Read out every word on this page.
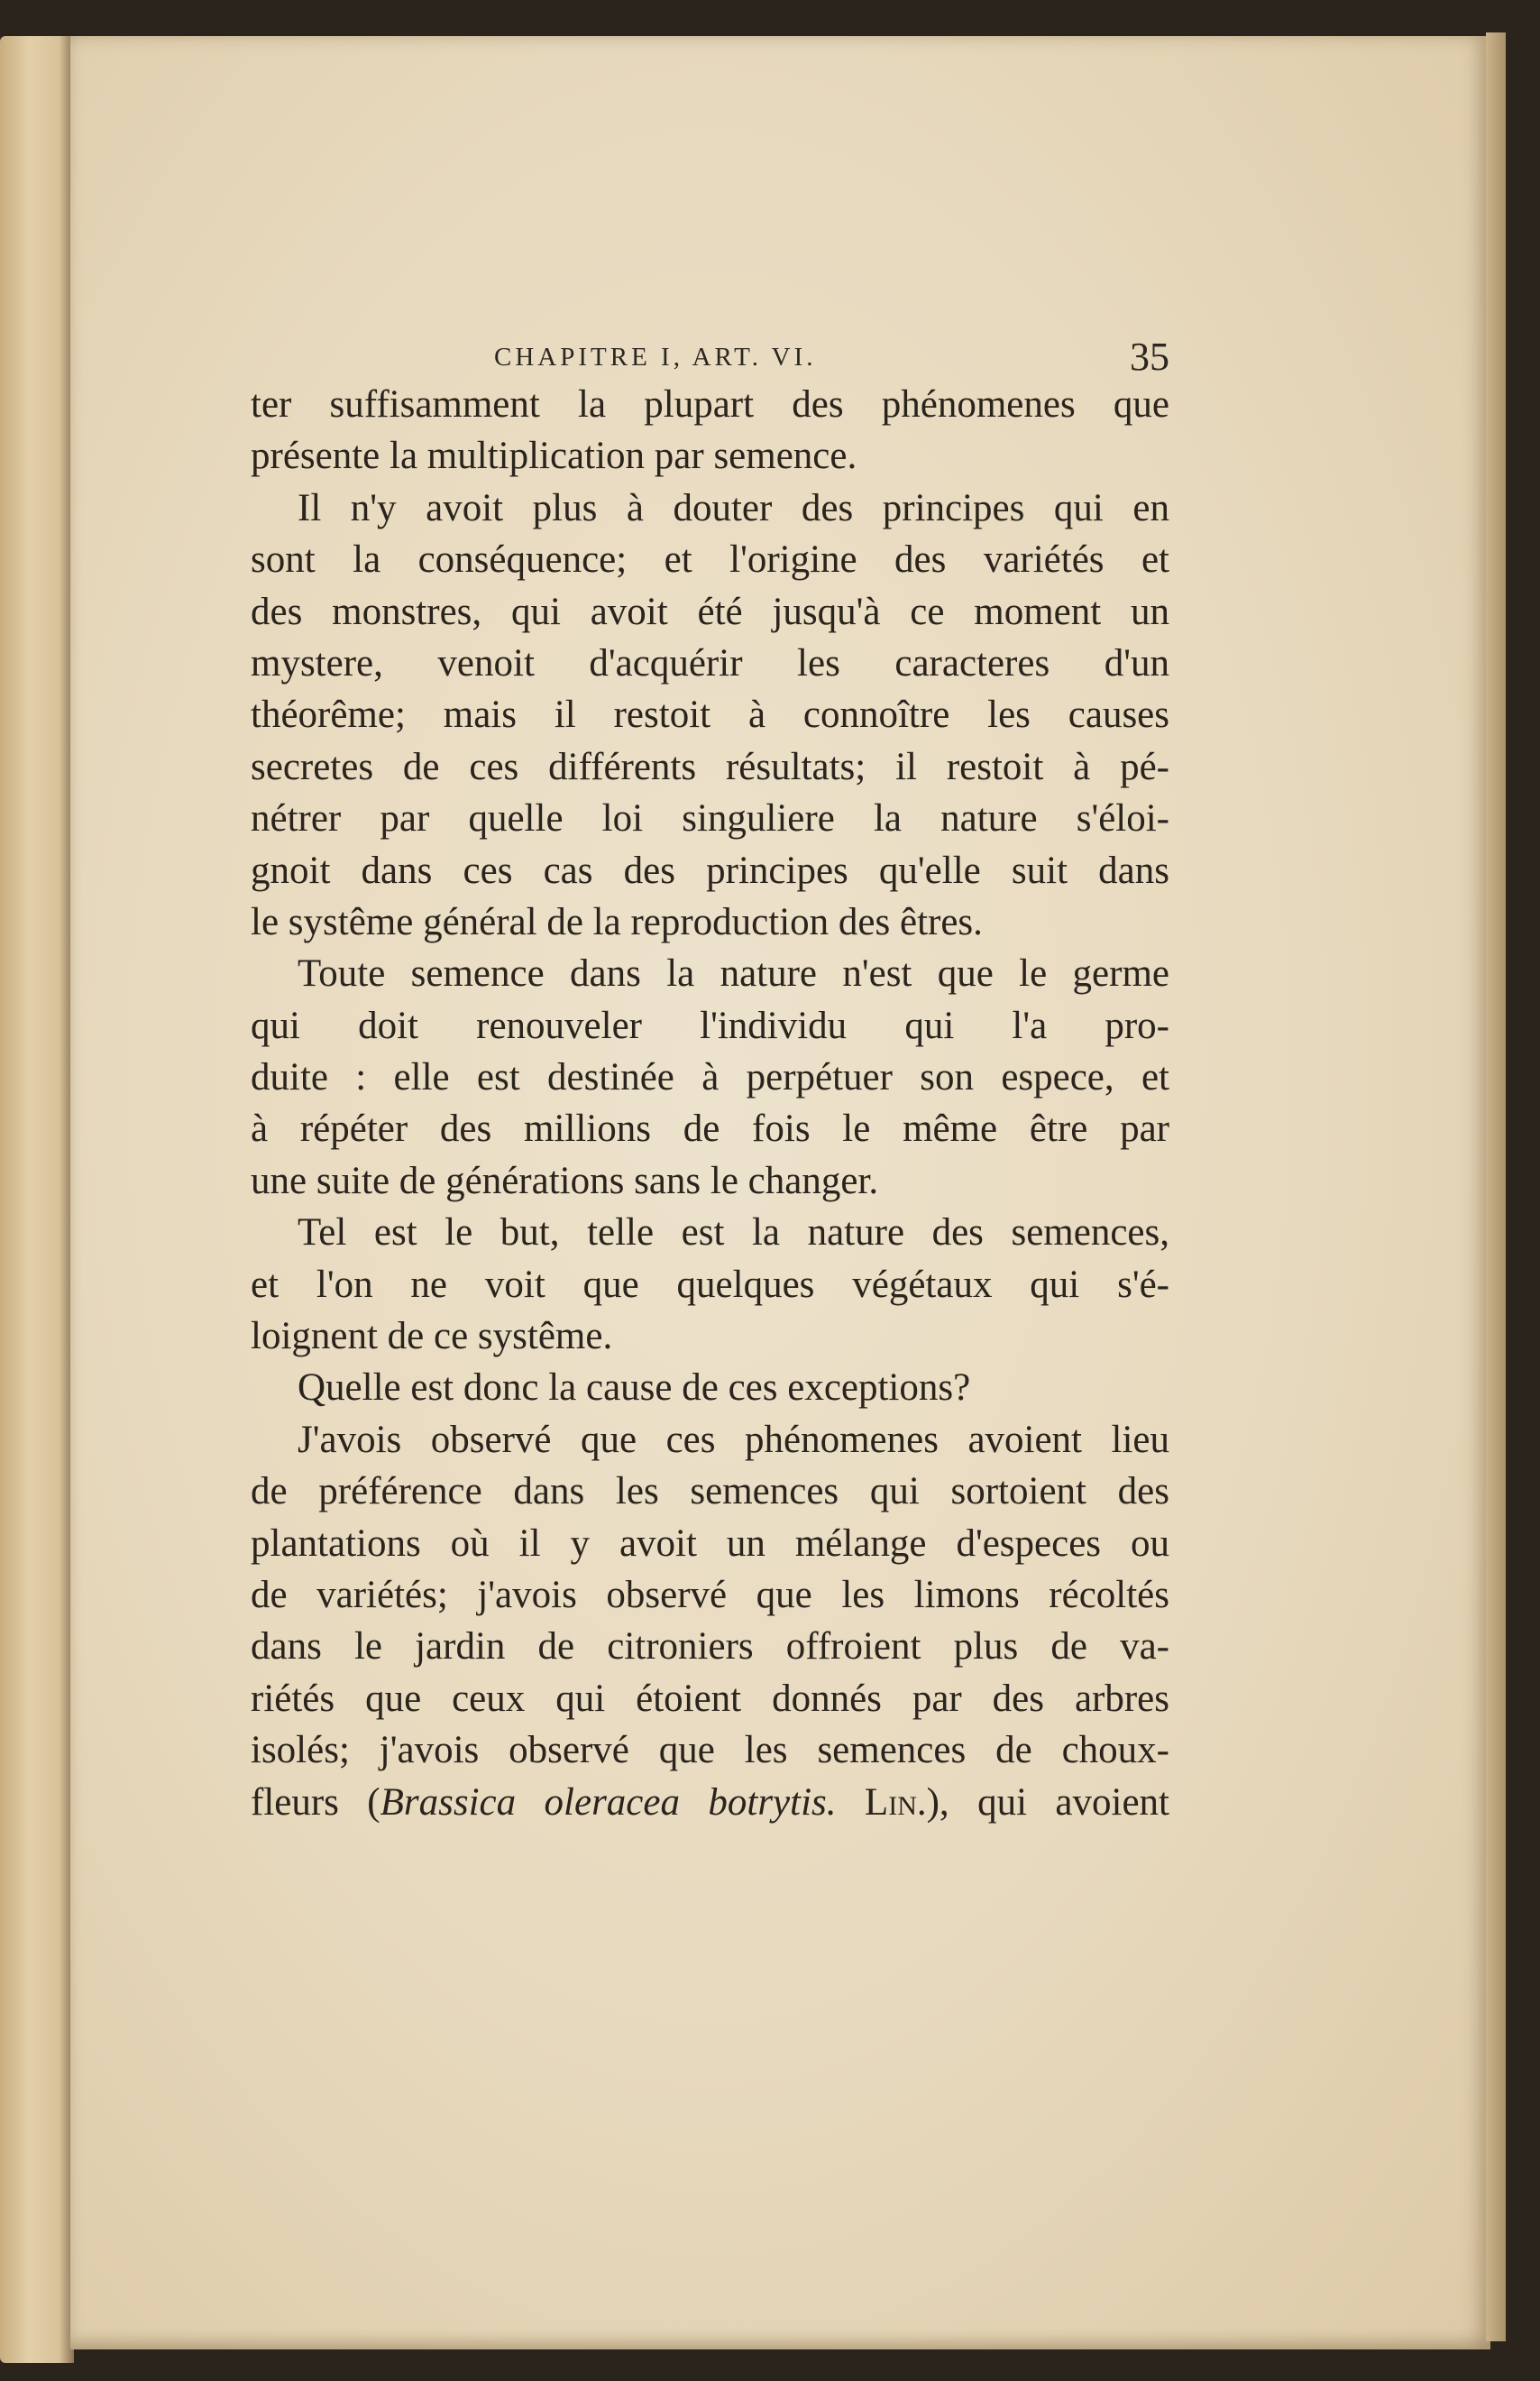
CHAPITRE I, ART. VI.	35
ter suffisamment la plupart des phénomenes que
présente la multiplication par semence.
Il n'y avoit plus à douter des principes qui en
sont la conséquence; et l'origine des variétés et
des monstres, qui avoit été jusqu'à ce moment un
mystere, venoit d'acquérir les caracteres d'un
théorême; mais il restoit à connoître les causes
secretes de ces différents résultats; il restoit à pé-
nétrer par quelle loi singuliere la nature s'éloi-
gnoit dans ces cas des principes qu'elle suit dans
le systême général de la reproduction des êtres.
Toute semence dans la nature n'est que le germe
qui doit renouveler l'individu qui l'a pro-
duite : elle est destinée à perpétuer son espece, et
à répéter des millions de fois le même être par
une suite de générations sans le changer.
Tel est le but, telle est la nature des semences,
et l'on ne voit que quelques végétaux qui s'é-
loignent de ce systême.
Quelle est donc la cause de ces exceptions?
J'avois observé que ces phénomenes avoient lieu
de préférence dans les semences qui sortoient des
plantations où il y avoit un mélange d'especes ou
de variétés; j'avois observé que les limons récoltés
dans le jardin de citroniers offroient plus de va-
riétés que ceux qui étoient donnés par des arbres
isolés; j'avois observé que les semences de choux-
fleurs (Brassica oleracea botrytis. Lin.), qui avoient
